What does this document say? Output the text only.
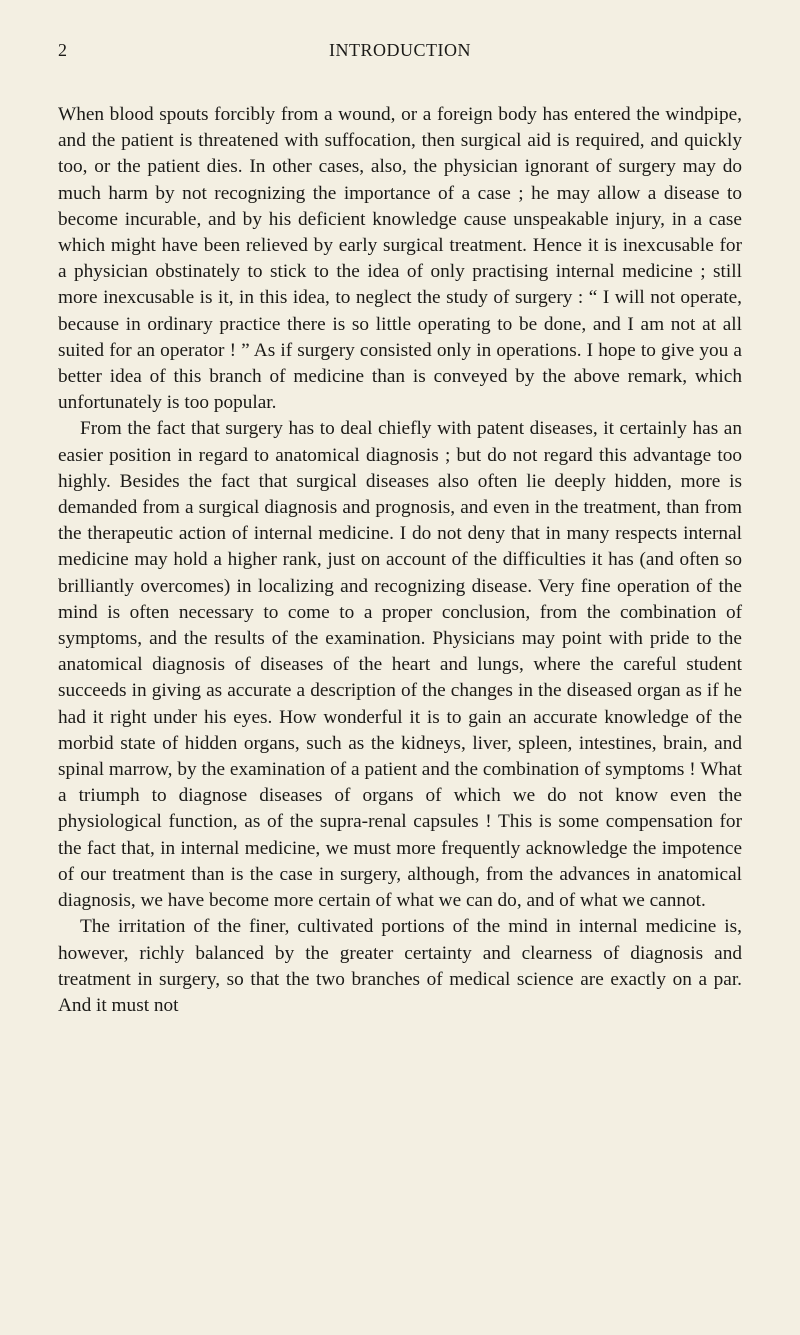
2	INTRODUCTION

When blood spouts forcibly from a wound, or a foreign body has entered the windpipe, and the patient is threatened with suffocation, then surgical aid is required, and quickly too, or the patient dies. In other cases, also, the physician ignorant of surgery may do much harm by not recognizing the importance of a case ; he may allow a disease to become incurable, and by his deficient knowledge cause unspeakable injury, in a case which might have been relieved by early surgical treatment. Hence it is inexcusable for a physician obstinately to stick to the idea of only practising internal medicine ; still more inexcusable is it, in this idea, to neglect the study of surgery : “ I will not operate, because in ordinary practice there is so little operating to be done, and I am not at all suited for an operator ! ” As if surgery consisted only in operations. I hope to give you a better idea of this branch of medicine than is conveyed by the above remark, which unfortunately is too popular.

From the fact that surgery has to deal chiefly with patent diseases, it certainly has an easier position in regard to anatomical diagnosis ; but do not regard this advantage too highly. Besides the fact that surgical diseases also often lie deeply hidden, more is demanded from a surgical diagnosis and prognosis, and even in the treatment, than from the therapeutic action of internal medicine. I do not deny that in many respects internal medicine may hold a higher rank, just on account of the difficulties it has (and often so brilliantly overcomes) in localizing and recognizing disease. Very fine operation of the mind is often necessary to come to a proper conclusion, from the combination of symptoms, and the results of the examination. Physicians may point with pride to the anatomical diagnosis of diseases of the heart and lungs, where the careful student succeeds in giving as accurate a description of the changes in the diseased organ as if he had it right under his eyes. How wonderful it is to gain an accurate knowledge of the morbid state of hidden organs, such as the kidneys, liver, spleen, intestines, brain, and spinal marrow, by the examination of a patient and the combination of symptoms ! What a triumph to diagnose diseases of organs of which we do not know even the physiological function, as of the supra-renal capsules ! This is some compensation for the fact that, in internal medicine, we must more frequently acknowledge the impotence of our treatment than is the case in surgery, although, from the advances in anatomical diagnosis, we have become more certain of what we can do, and of what we cannot.

The irritation of the finer, cultivated portions of the mind in internal medicine is, however, richly balanced by the greater certainty and clearness of diagnosis and treatment in surgery, so that the two branches of medical science are exactly on a par. And it must not
